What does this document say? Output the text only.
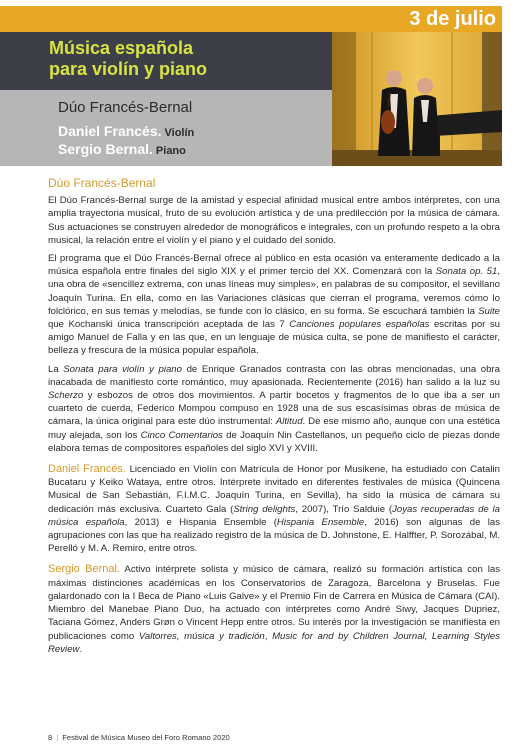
3 de julio
Música española
para violín y piano
Dúo Francés-Bernal
Daniel Francés. Violín
Sergio Bernal. Piano
Dúo Francés-Bernal

El Dúo Francés-Bernal surge de la amistad y especial afinidad musical entre ambos intérpretes, con una amplia trayectoria musical, fruto de su evolución artística y de una predilección por la música de cámara. Sus actuaciones se construyen alrededor de monográficos e integrales, con un profundo respeto a la obra musical, la relación entre el violín y el piano y el cuidado del sonido.

El programa que el Dúo Francés-Bernal ofrece al público en esta ocasión va enteramente dedicado a la música española entre finales del siglo XIX y el primer tercio del XX. Comenzará con la Sonata op. 51, una obra de «sencillez extrema, con unas líneas muy simples», en palabras de su compositor, el sevillano Joaquín Turina. En ella, como en las Variaciones clásicas que cierran el programa, veremos cómo lo folclórico, en sus temas y melodías, se funde con lo clásico, en su forma. Se escuchará también la Suite que Kochanski única transcripción aceptada de las 7 Canciones populares españolas escritas por su amigo Manuel de Falla y en las que, en un lenguaje de música culta, se pone de manifiesto el carácter, belleza y frescura de la música popular española.

La Sonata para violín y piano de Enrique Granados contrasta con las obras mencionadas, una obra inacabada de manifiesto corte romántico, muy apasionada. Recientemente (2016) han salido a la luz su Scherzo y esbozos de otros dos movimientos. A partir bocetos y fragmentos de lo que iba a ser un cuarteto de cuerda, Federico Mompou compuso en 1928 una de sus escasísimas obras de música de cámara, la única original para este dúo instrumental: Altitud. De ese mismo año, aunque con una estética muy alejada, son los Cinco Comentarios de Joaquín Nin Castellanos, un pequeño ciclo de piezas donde elabora temas de compositores españoles del siglo XVI y XVIII.

Daniel Francés. Licenciado en Violín con Matrícula de Honor por Musikene, ha estudiado con Catalin Bucataru y Keiko Wataya, entre otros. Intérprete invitado en diferentes festivales de música (Quincena Musical de San Sebastián, F.I.M.C. Joaquín Turina, en Sevilla), ha sido la música de cámara su dedicación más exclusiva. Cuarteto Gala (String delights, 2007), Trío Salduie (Joyas recuperadas de la música española, 2013) e Hispania Ensemble (Hispania Ensemble, 2016) son algunas de las agrupaciones con las que ha realizado registro de la música de D. Johnstone, E. Halffter, P. Sorozábal, M. Perelló y M. A. Remiro, entre otros.

Sergio Bernal. Activo intérprete solista y músico de cámara, realizó su formación artística con las máximas distinciones académicas en los Conservatorios de Zaragoza, Barcelona y Bruselas. Fue galardonado con la I Beca de Piano «Luis Galve» y el Premio Fin de Carrera en Música de Cámara (CAI). Miembro del Manebae Piano Duo, ha actuado con intérpretes como André Siwy, Jacques Dupriez, Taciana Gómez, Anders Grøn o Vincent Hepp entre otros. Su interés por la investigación se manifiesta en publicaciones como Valtorres, música y tradición, Music for and by Children Journal, Learning Styles Review.

8 | Festival de Música Museo del Foro Romano 2020
